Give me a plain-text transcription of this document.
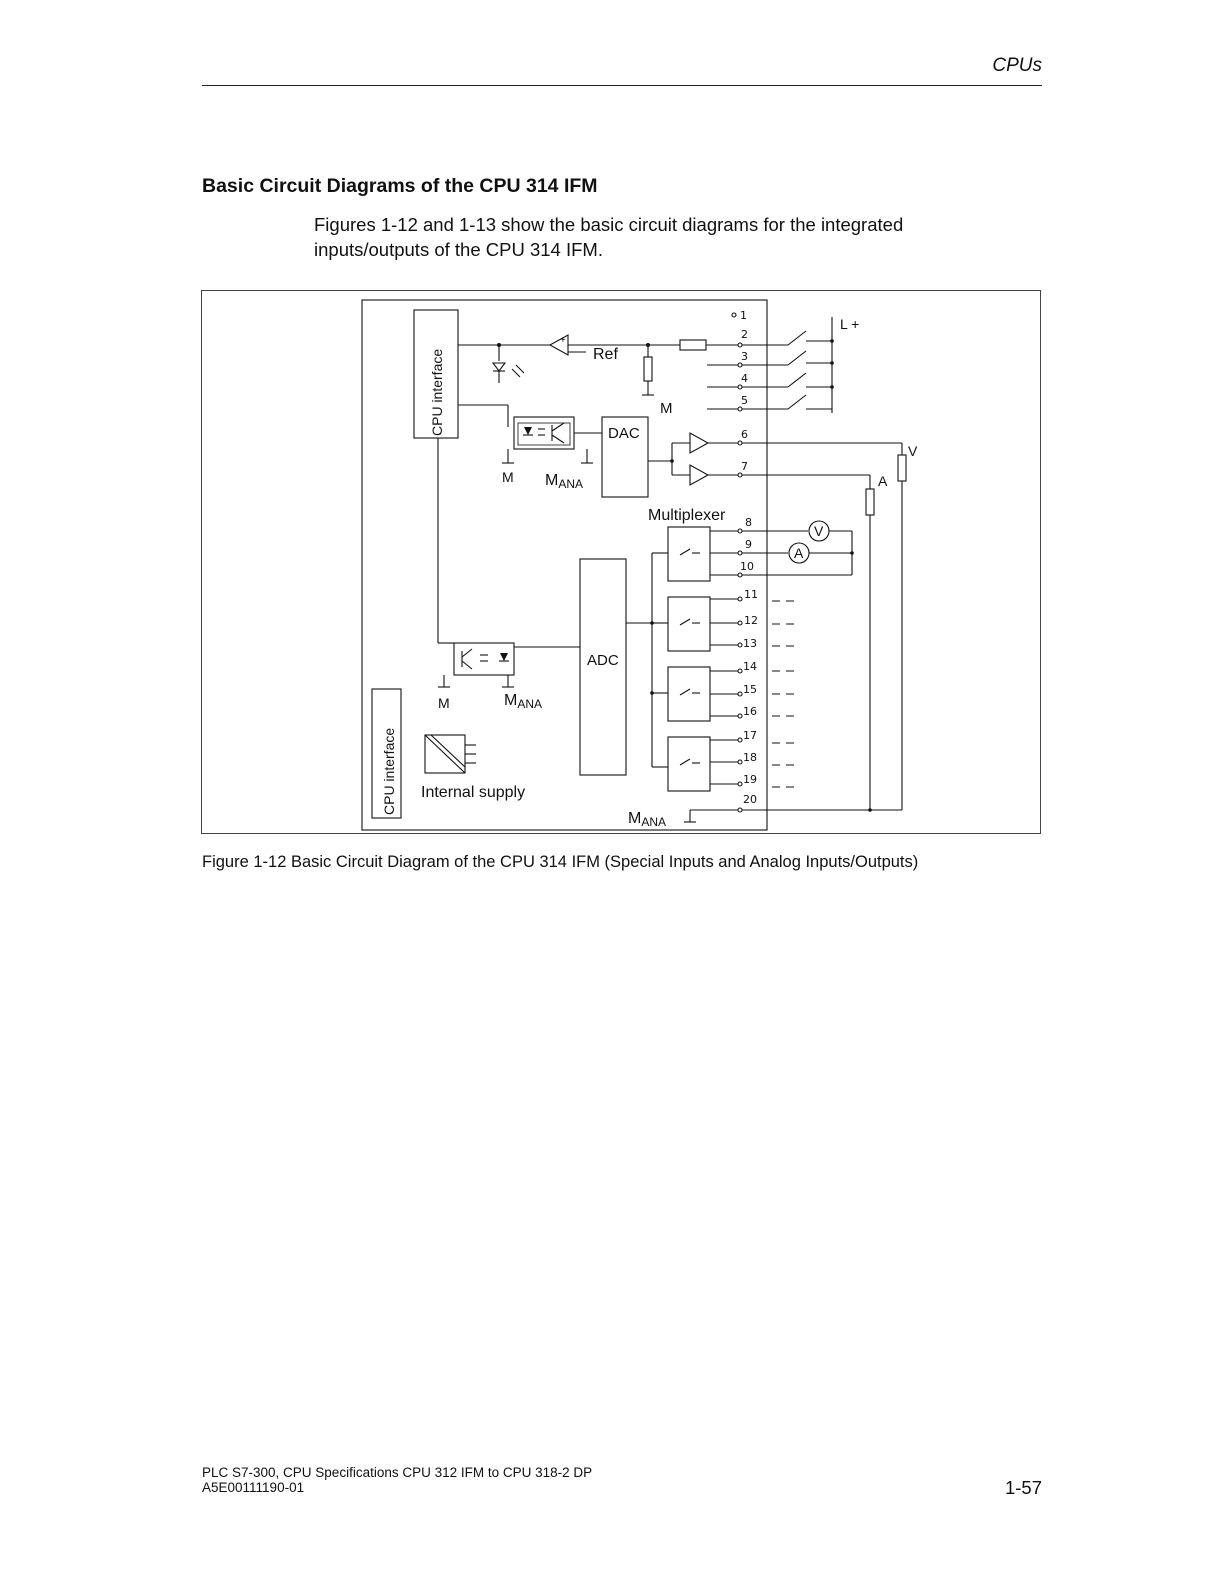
CPUs
Basic Circuit Diagrams of the CPU 314 IFM
Figures 1-12 and 1-13 show the basic circuit diagrams for the integrated inputs/outputs of the CPU 314 IFM.
CPU interface
CPU interface
+
Ref
M
1
2
3
4
5
6
7
8
9
10
11
12
13
14
15
16
17
18
19
20
L +
M MANA
DAC
V
A
Multiplexer
V
A
ADC
M	MANA
Internal supply
MANA
Figure 1-12 Basic Circuit Diagram of the CPU 314 IFM (Special Inputs and Analog Inputs/Outputs)
PLC S7-300, CPU Specifications CPU 312 IFM to CPU 318-2 DP
A5E00111190-01	1-57
